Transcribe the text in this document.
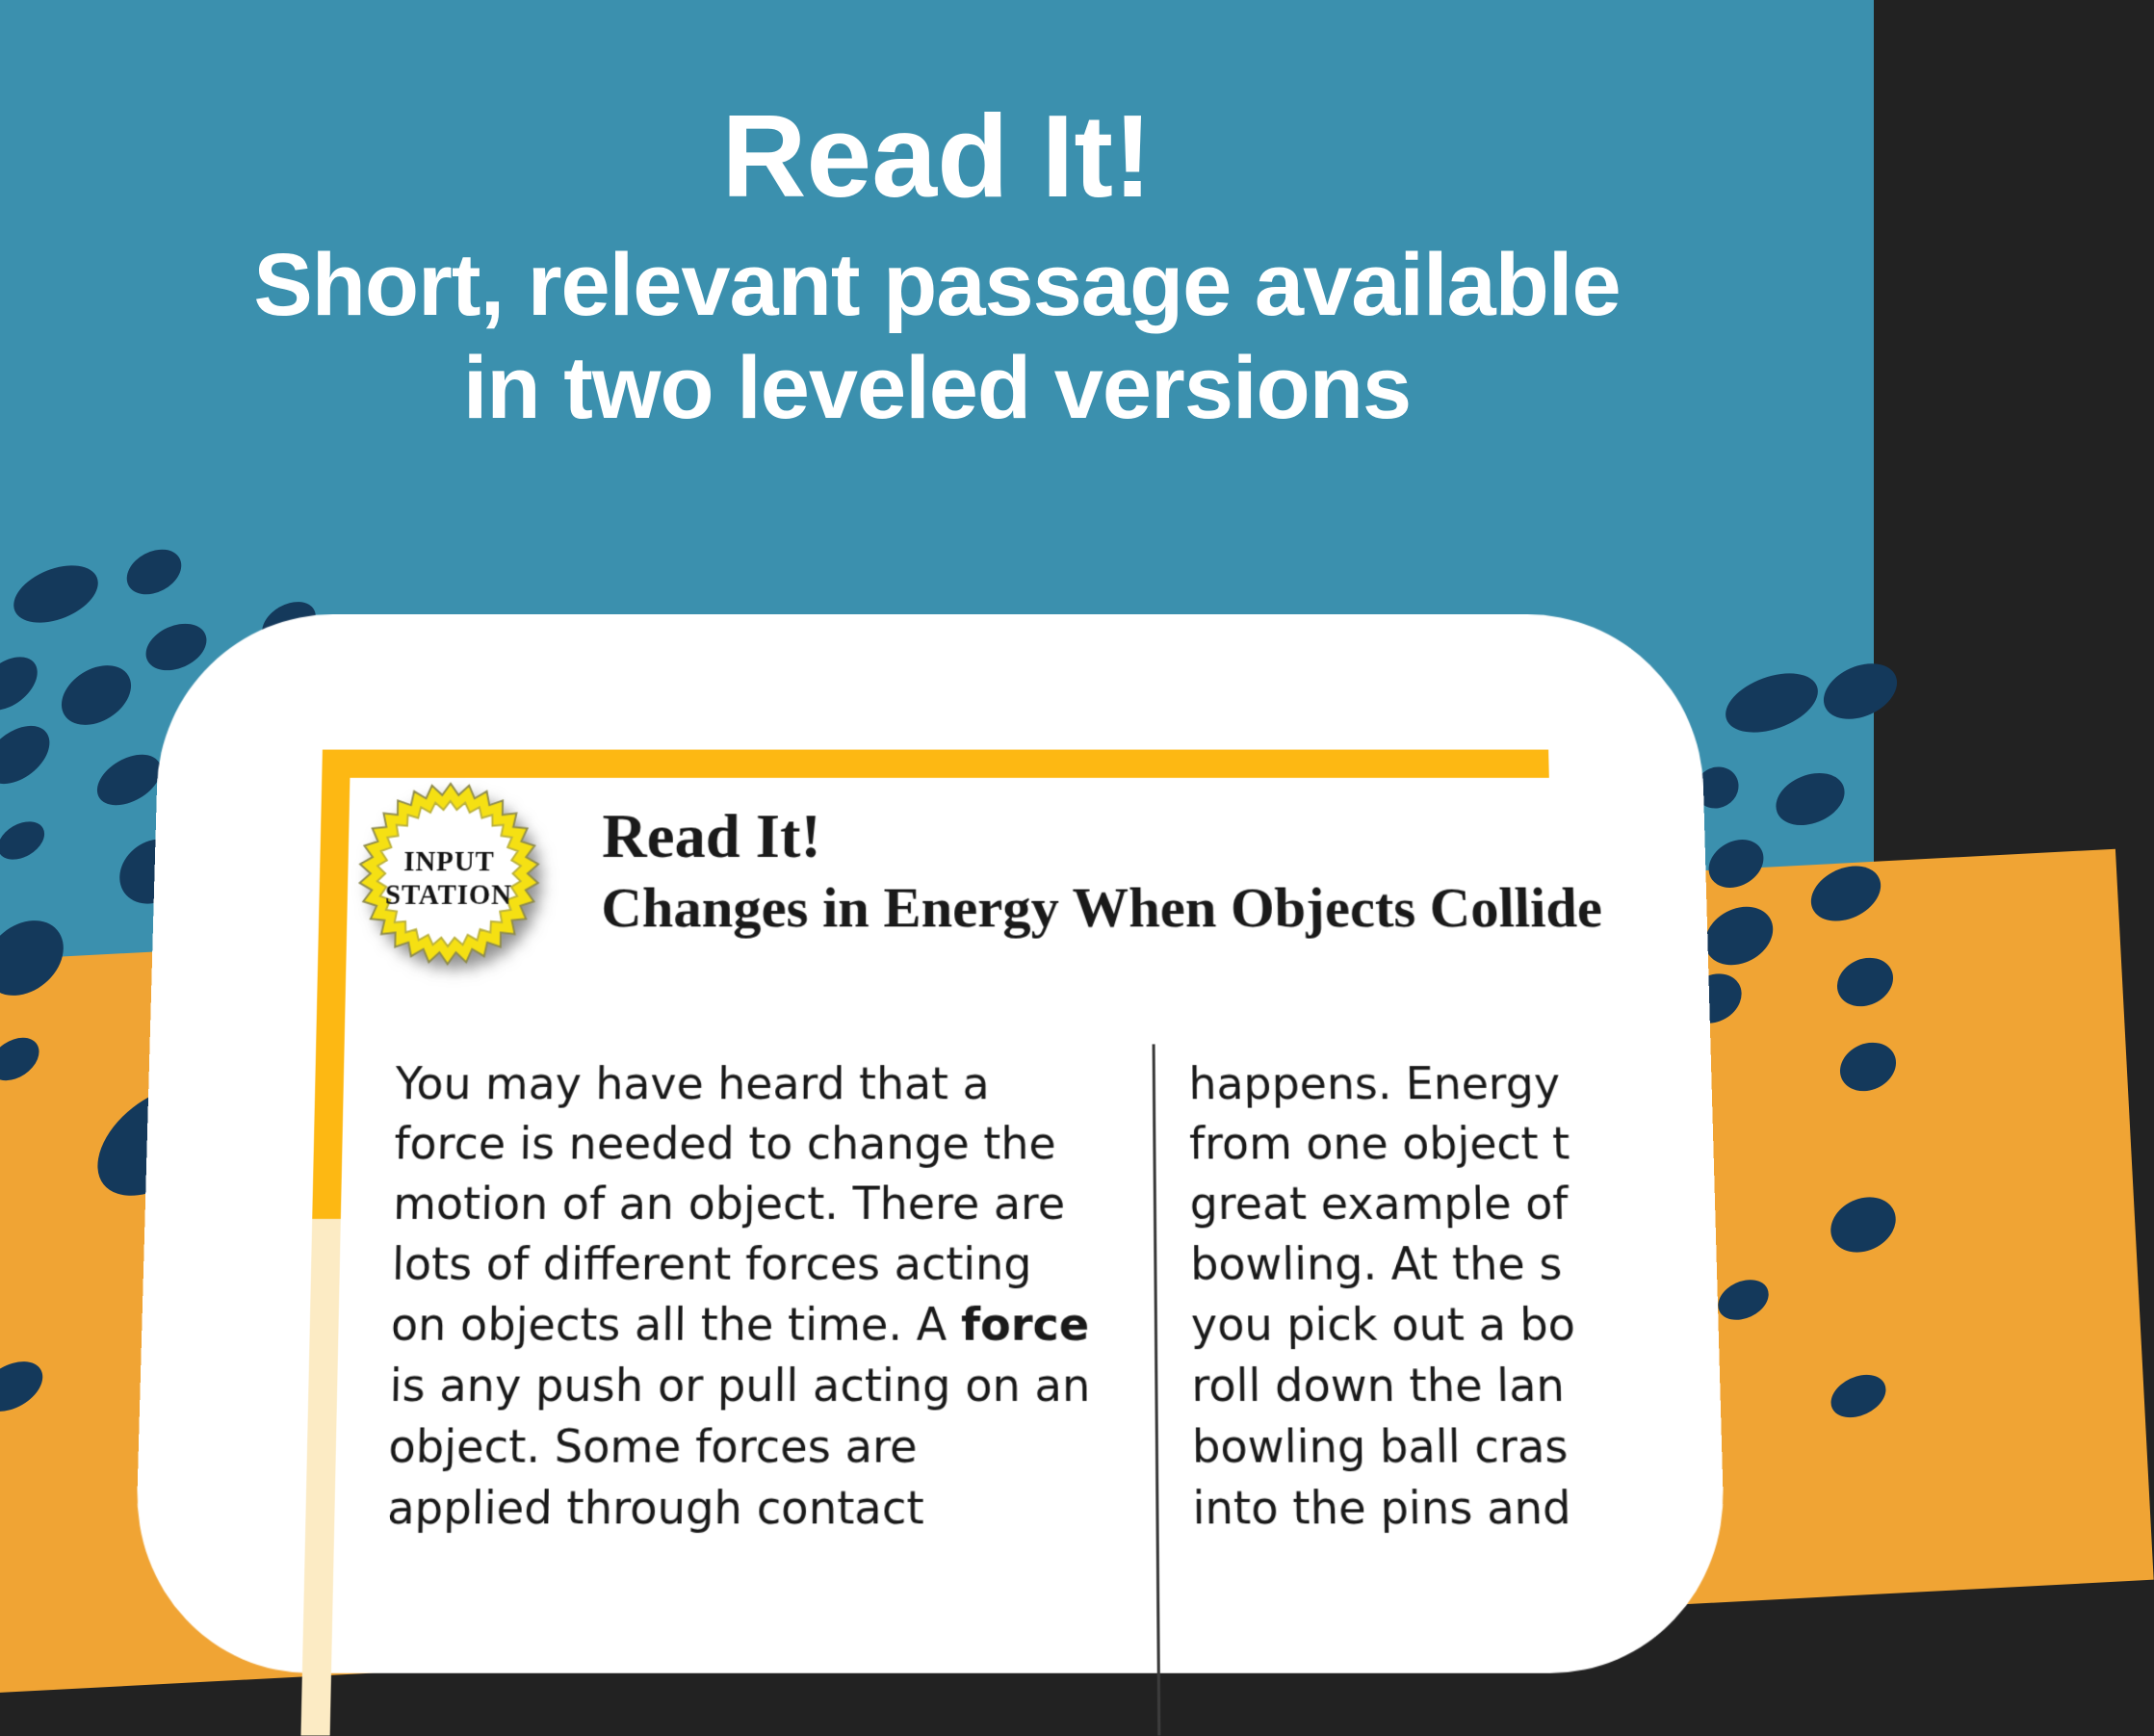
Read It!
Short, relevant passage available
in two leveled versions
INPUT
STATION
Read It!
Changes in Energy When Objects Collide
You may have heard that a
force is needed to change the
motion of an object. There are
lots of different forces acting
on objects all the time. A force
is any push or pull acting on an
object. Some forces are
applied through contact
happens. Energy
from one object t
great example of
bowling. At the s
you pick out a bo
roll down the lan
bowling ball cras
into the pins and
